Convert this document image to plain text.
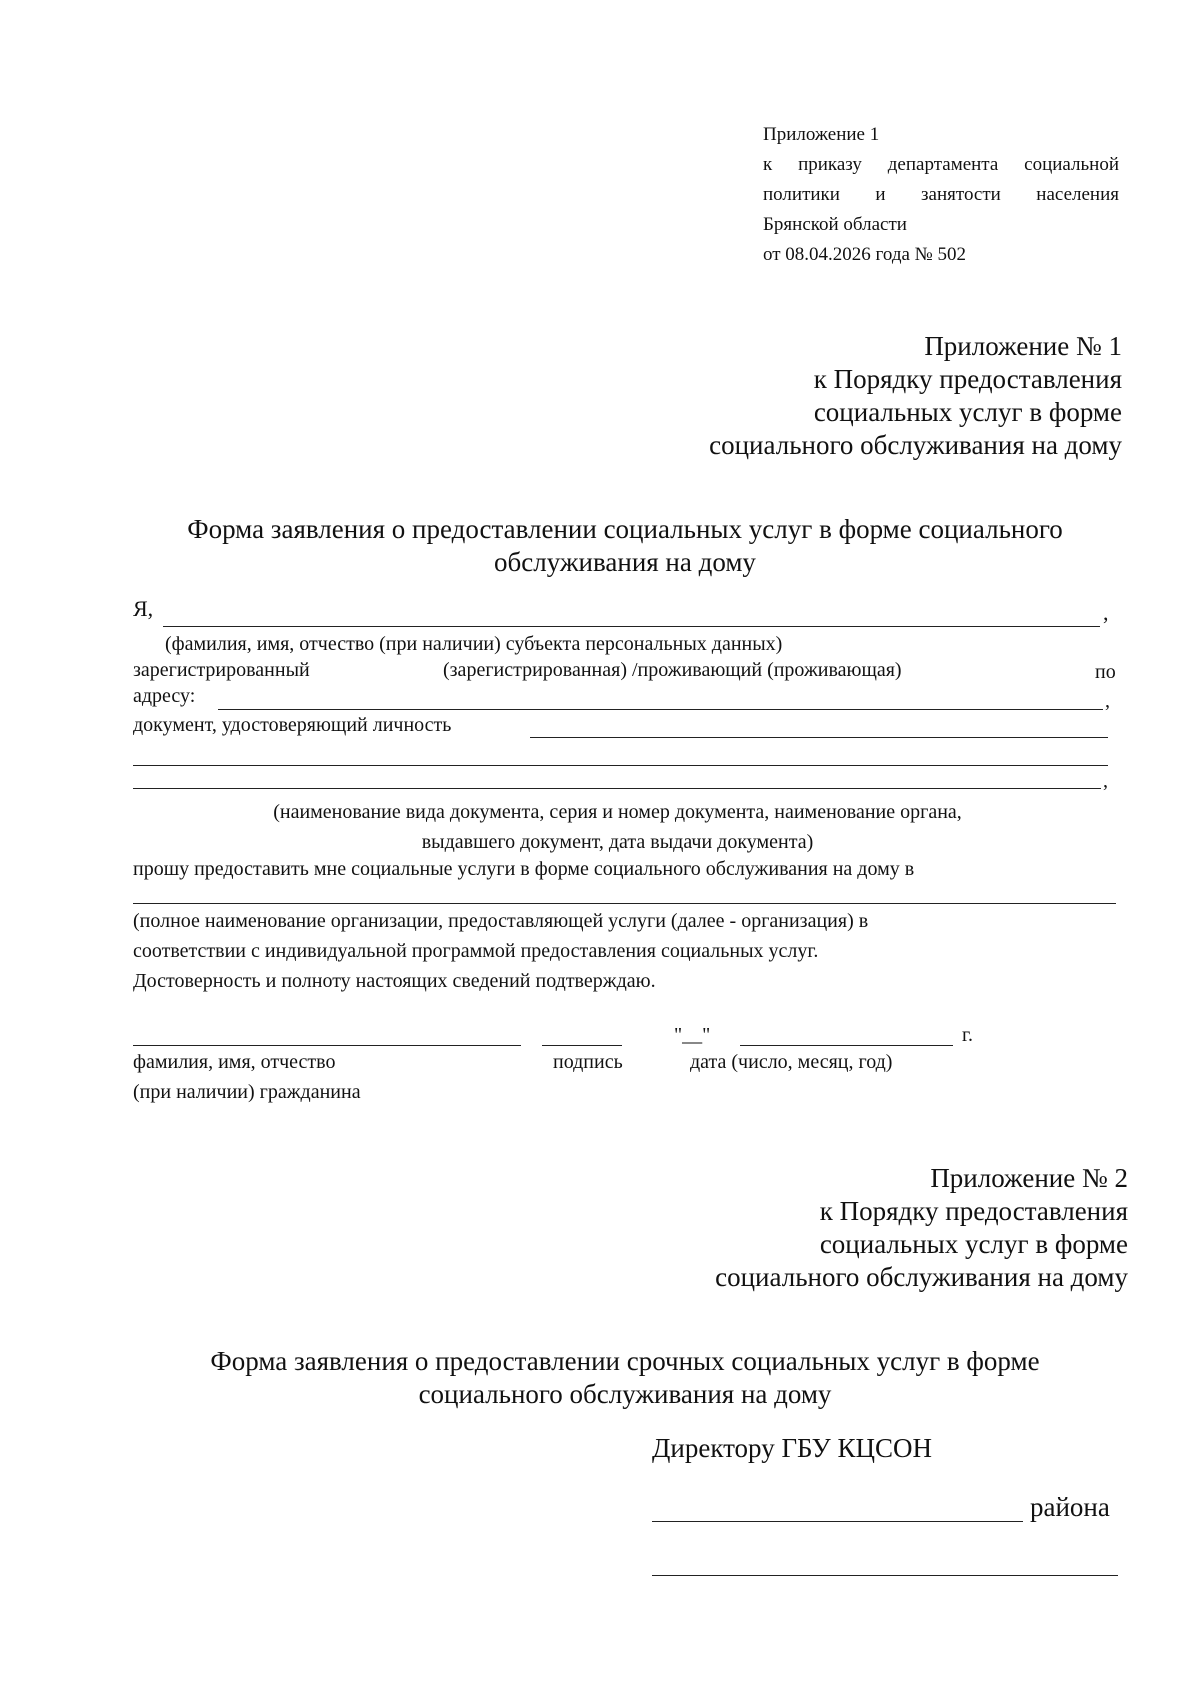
Приложение 1
к приказу департамента социальной
политики и занятости населения
Брянской области
от 08.04.2026 года № 502
Приложение № 1
к Порядку предоставления
социальных услуг в форме
социального обслуживания на дому
Форма заявления о предоставлении социальных услуг в форме социального
обслуживания на дому
Я,	,
(фамилия, имя, отчество (при наличии) субъекта персональных данных)
зарегистрированный	(зарегистрированная) /проживающий (проживающая)	по
адресу:	,
документ, удостоверяющий личность
,
(наименование вида документа, серия и номер документа, наименование органа,
выдавшего документ, дата выдачи документа)
прошу предоставить мне социальные услуги в форме социального обслуживания на дому в
(полное наименование организации, предоставляющей услуги (далее - организация) в
соответствии с индивидуальной программой предоставления социальных услуг.
Достоверность и полноту настоящих сведений подтверждаю.
"__"	г.
фамилия, имя, отчество
(при наличии) гражданина
подпись	дата (число, месяц, год)
Приложение № 2
к Порядку предоставления
социальных услуг в форме
социального обслуживания на дому
Форма заявления о предоставлении срочных социальных услуг в форме
социального обслуживания на дому
Директору ГБУ КЦСОН
района
